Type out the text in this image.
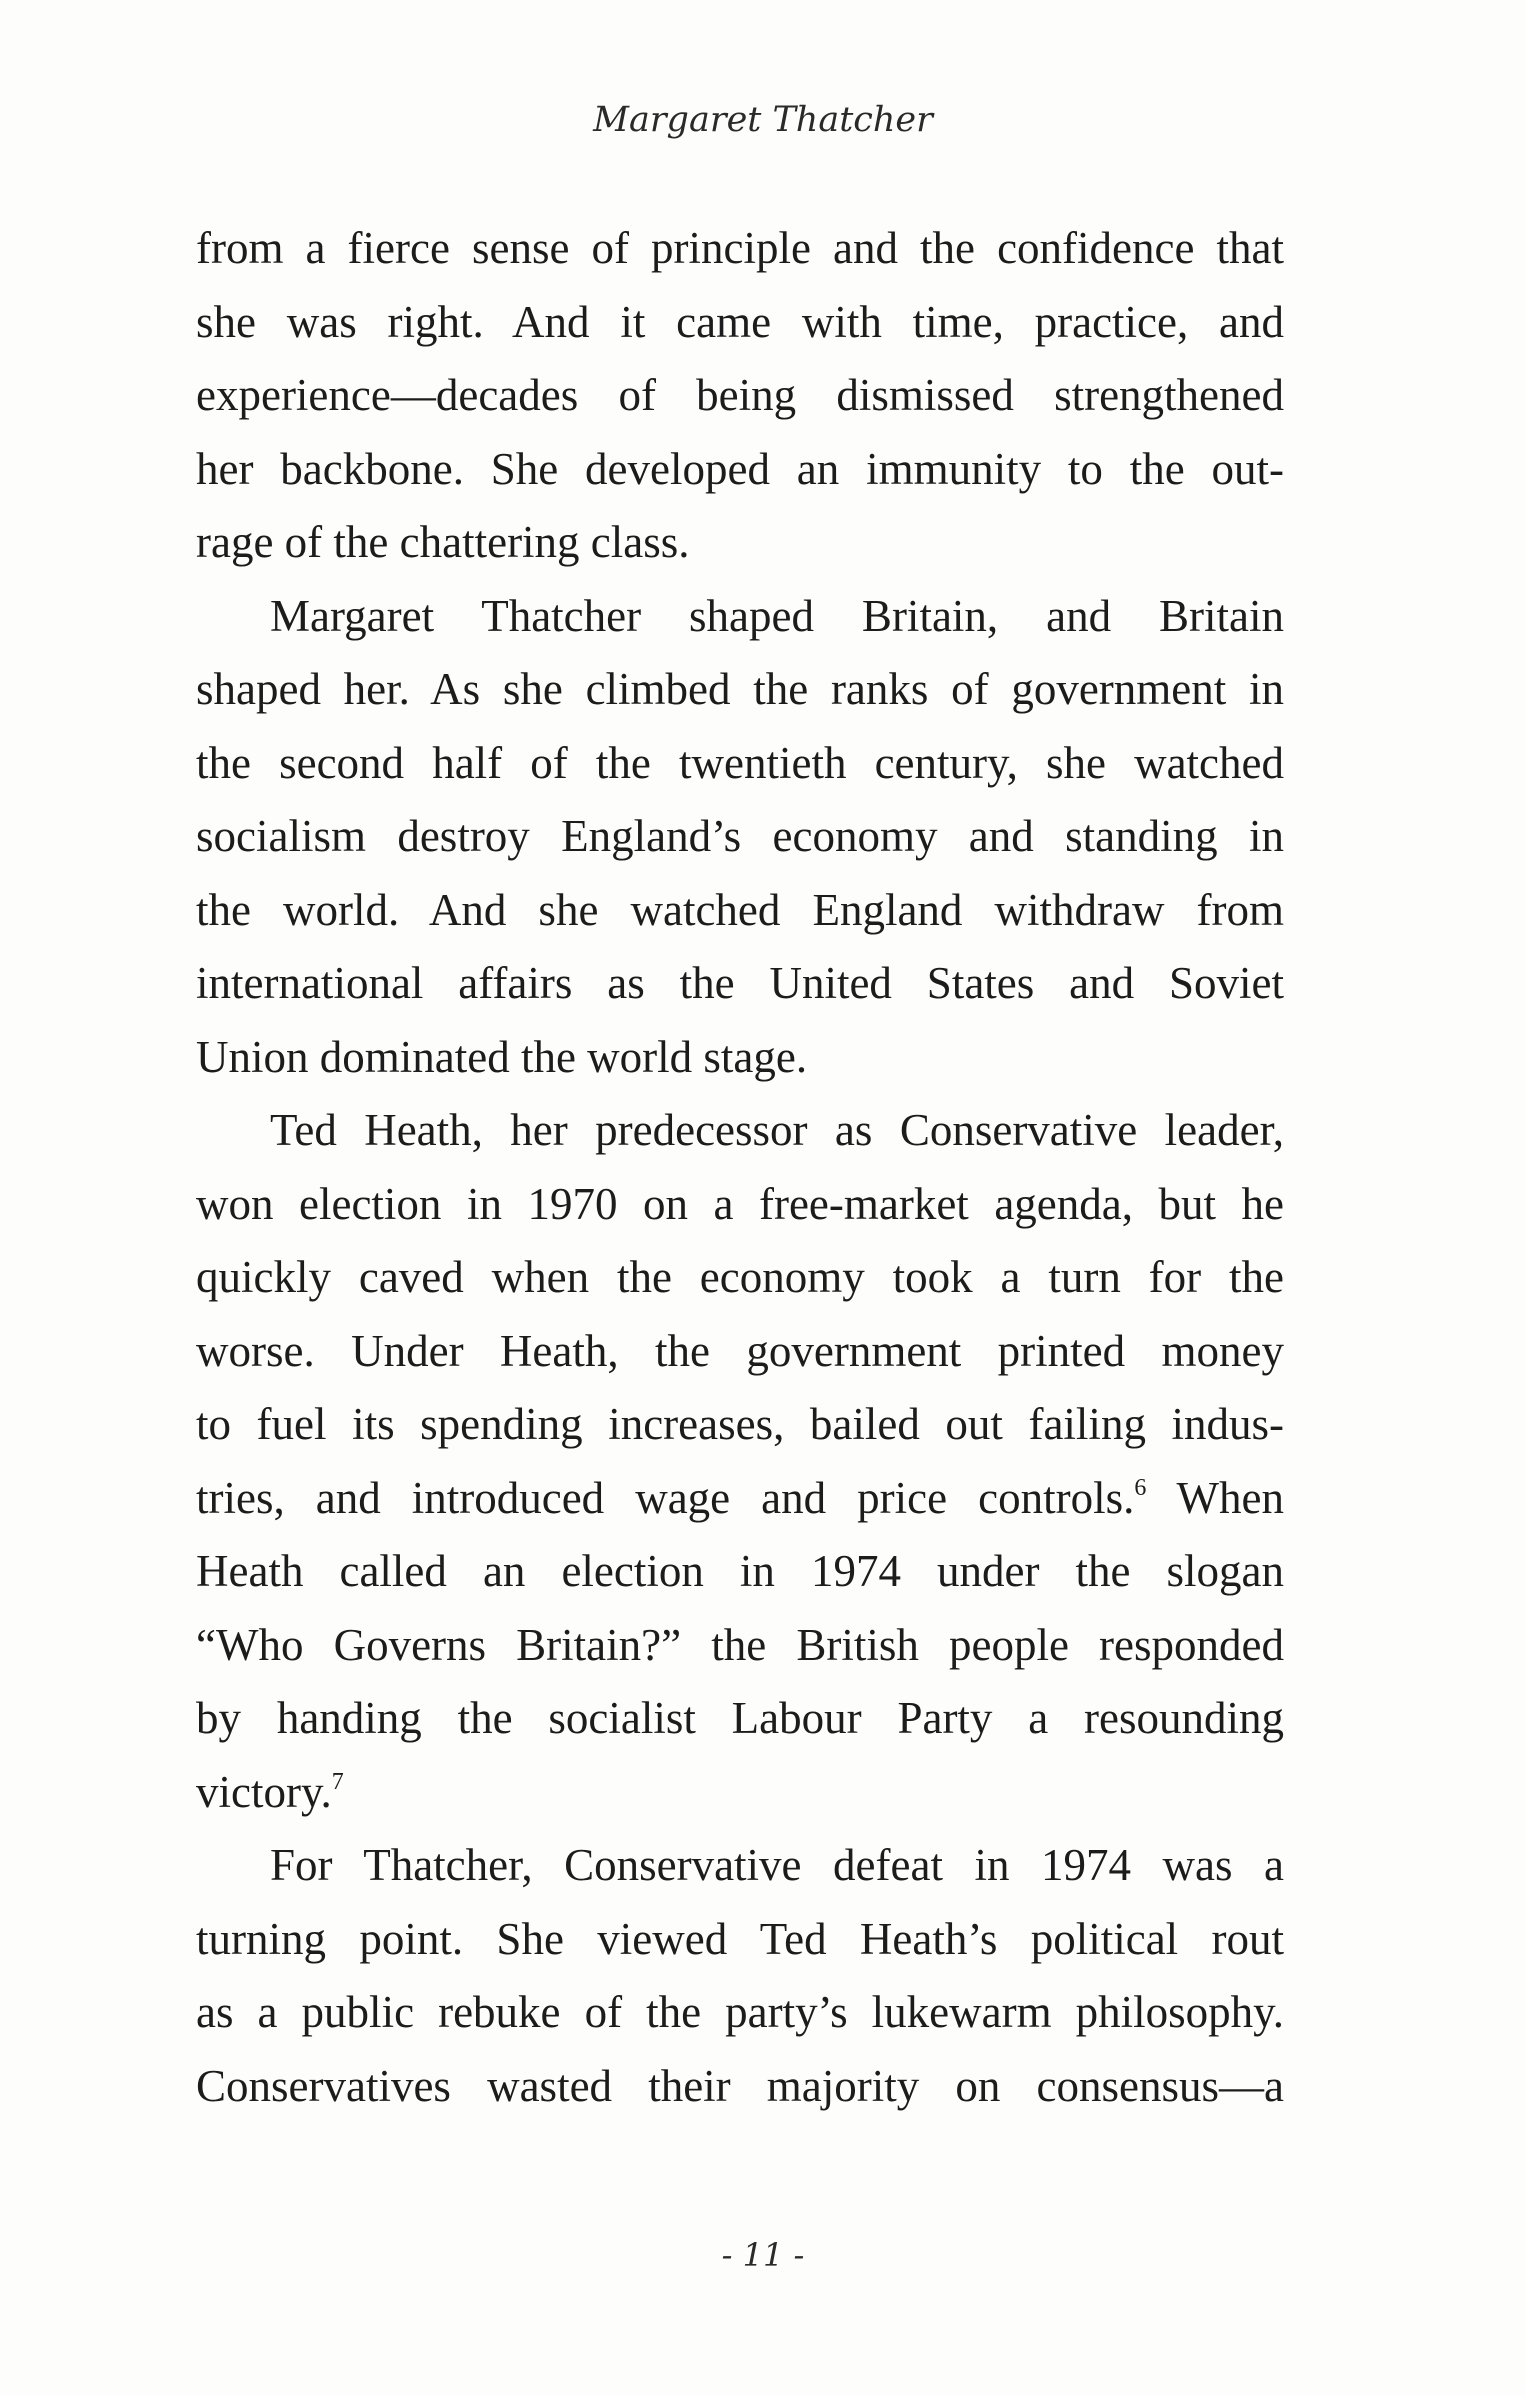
Margaret Thatcher
from a fierce sense of principle and the confidence that
she was right. And it came with time, practice, and
experience—decades of being dismissed strengthened
her backbone. She developed an immunity to the out-
rage of the chattering class.
Margaret Thatcher shaped Britain, and Britain
shaped her. As she climbed the ranks of government in
the second half of the twentieth century, she watched
socialism destroy England’s economy and standing in
the world. And she watched England withdraw from
international affairs as the United States and Soviet
Union dominated the world stage.
Ted Heath, her predecessor as Conservative leader,
won election in 1970 on a free-market agenda, but he
quickly caved when the economy took a turn for the
worse. Under Heath, the government printed money
to fuel its spending increases, bailed out failing indus-
tries, and introduced wage and price controls.$^6$ When
Heath called an election in 1974 under the slogan
“Who Governs Britain?” the British people responded
by handing the socialist Labour Party a resounding
victory.$^7$
For Thatcher, Conservative defeat in 1974 was a
turning point. She viewed Ted Heath’s political rout
as a public rebuke of the party’s lukewarm philosophy.
Conservatives wasted their majority on consensus—a
- 11 -
